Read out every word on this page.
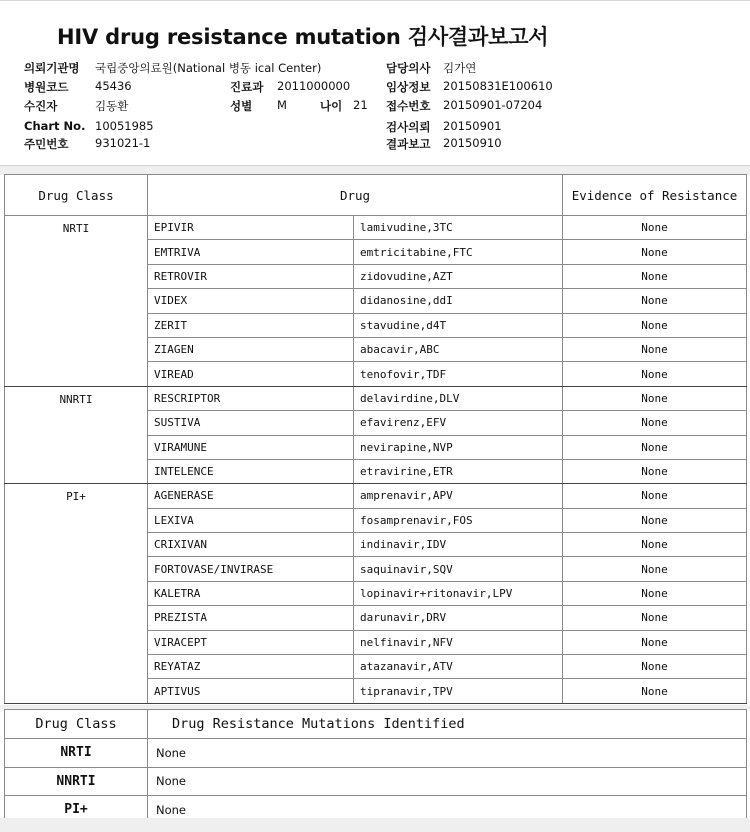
HIV drug resistance mutation 검사결과보고서
의뢰기관명 국립중앙의료원(National 병동 ical Center)
병원코드 45436
수진자	김동환
Chart No. 10051985
주민번호 931021-1
진료과 2011000000
성별 M	나이 21
담당의사 김가연
임상정보 20150831E100610
접수번호 20150901-07204
검사의뢰 20150901
결과보고 20150910
Drug Class	Drug		Evidence of Resistance
NRTI	EPIVIR	lamivudine,3TC	None
	EMTRIVA	emtricitabine,FTC	None
	RETROVIR	zidovudine,AZT	None
	VIDEX	didanosine,ddI	None
	ZERIT	stavudine,d4T	None
	ZIAGEN	abacavir,ABC	None
	VIREAD	tenofovir,TDF	None
NNRTI	RESCRIPTOR	delavirdine,DLV	None
	SUSTIVA	efavirenz,EFV	None
	VIRAMUNE	nevirapine,NVP	None
	INTELENCE	etravirine,ETR	None
PI+	AGENERASE	amprenavir,APV	None
	LEXIVA	fosamprenavir,FOS	None
	CRIXIVAN	indinavir,IDV	None
	FORTOVASE/INVIRASE	saquinavir,SQV	None
	KALETRA	lopinavir+ritonavir,LPV	None
	PREZISTA	darunavir,DRV	None
	VIRACEPT	nelfinavir,NFV	None
	REYATAZ	atazanavir,ATV	None
	APTIVUS	tipranavir,TPV	None
Drug Class	Drug Resistance Mutations Identified
NRTI	None
NNRTI	None
PI+	None
